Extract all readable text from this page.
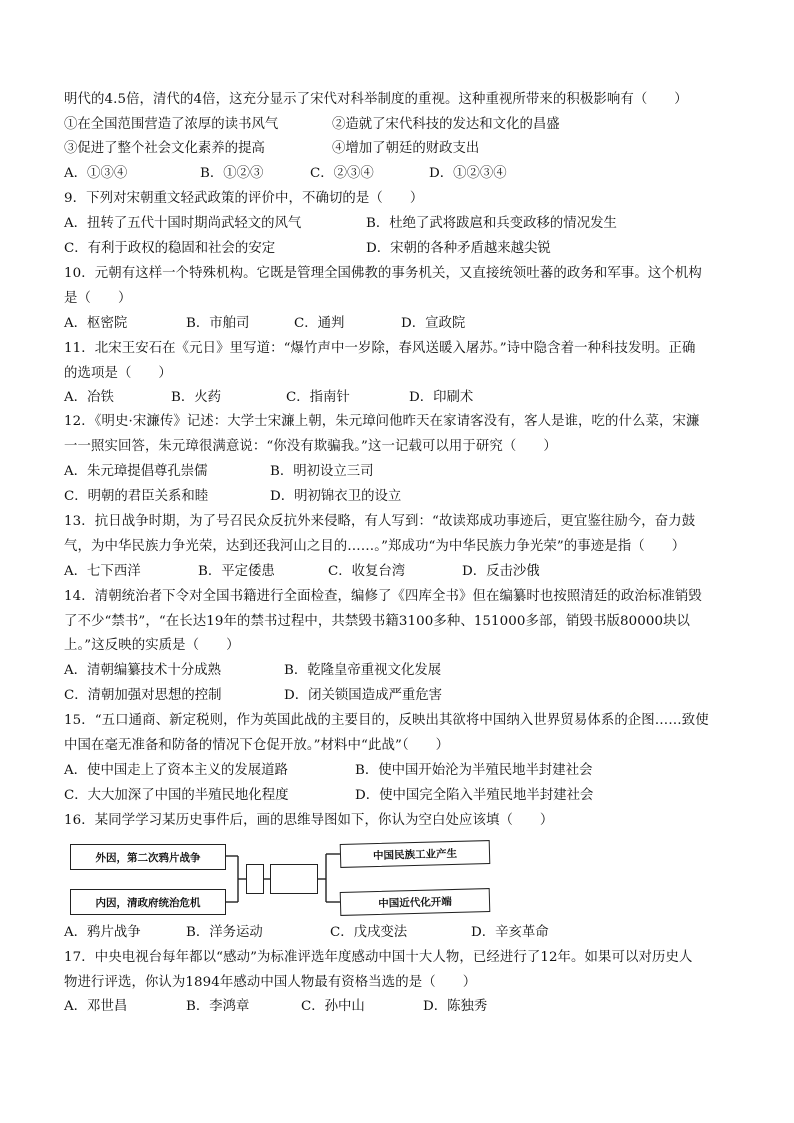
明代的4.5倍，清代的4倍，这充分显示了宋代对科举制度的重视。这种重视所带来的积极影响有（　　）
①在全国范围营造了浓厚的读书风气	②造就了宋代科技的发达和文化的昌盛
③促进了整个社会文化素养的提高	④增加了朝廷的财政支出
A．①③④	B．①②③	C．②③④	D．①②③④
9．下列对宋朝重文轻武政策的评价中，不确切的是（　　）
A．扭转了五代十国时期尚武轻文的风气	B．杜绝了武将跋扈和兵变政移的情况发生
C．有利于政权的稳固和社会的安定	D．宋朝的各种矛盾越来越尖锐
10．元朝有这样一个特殊机构。它既是管理全国佛教的事务机关，又直接统领吐蕃的政务和军事。这个机构
是（　　）
A．枢密院	B．市舶司	C．通判	D．宣政院
11．北宋王安石在《元日》里写道：“爆竹声中一岁除，春风送暖入屠苏。”诗中隐含着一种科技发明。正确
的选项是（　　）
A．冶铁	B．火药	C．指南针	D．印刷术
12．《明史·宋濂传》记述：大学士宋濂上朝，朱元璋问他昨天在家请客没有，客人是谁，吃的什么菜，宋濂
一一照实回答，朱元璋很满意说：“你没有欺骗我。”这一记载可以用于研究（　　）
A．朱元璋提倡尊孔崇儒	B．明初设立三司
C．明朝的君臣关系和睦	D．明初锦衣卫的设立
13．抗日战争时期，为了号召民众反抗外来侵略，有人写到：“故读郑成功事迹后，更宜鉴往励今，奋力鼓
气，为中华民族力争光荣，达到还我河山之目的……。”郑成功“为中华民族力争光荣”的事迹是指（　　）
A．七下西洋	B．平定倭患	C．收复台湾	D．反击沙俄
14．清朝统治者下令对全国书籍进行全面检查，编修了《四库全书》但在编纂时也按照清廷的政治标准销毁
了不少“禁书”，“在长达19年的禁书过程中，共禁毁书籍3100多种、151000多部，销毁书版80000块以
上。”这反映的实质是（　　）
A．清朝编纂技术十分成熟	B．乾隆皇帝重视文化发展
C．清朝加强对思想的控制	D．闭关锁国造成严重危害
15．“五口通商、新定税则，作为英国此战的主要目的，反映出其欲将中国纳入世界贸易体系的企图……致使
中国在毫无准备和防备的情况下仓促开放。”材料中“此战”（　　）
A．使中国走上了资本主义的发展道路	B．使中国开始沦为半殖民地半封建社会
C．大大加深了中国的半殖民地化程度	D．使中国完全陷入半殖民地半封建社会
16．某同学学习某历史事件后，画的思维导图如下，你认为空白处应该填（　　）
外因，第二次鸦片战争
内因，清政府统治危机
中国民族工业产生
中国近代化开端
A．鸦片战争	B．洋务运动	C．戊戌变法	D．辛亥革命
17．中央电视台每年都以“感动”为标准评选年度感动中国十大人物，已经进行了12年。如果可以对历史人
物进行评选，你认为1894年感动中国人物最有资格当选的是（　　）
A．邓世昌	B．李鸿章	C．孙中山	D．陈独秀
